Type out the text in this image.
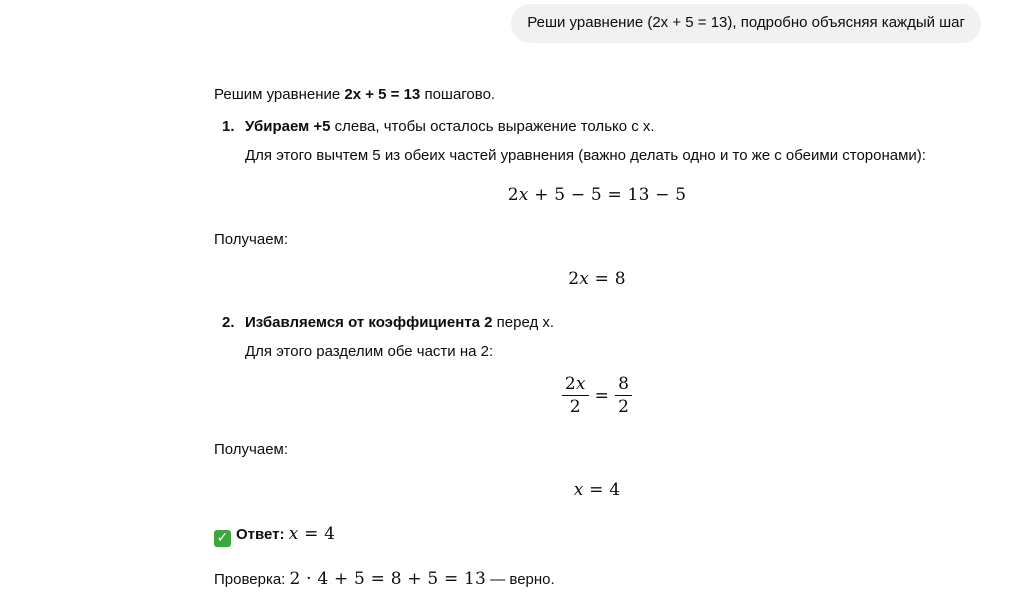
Реши уравнение (2x + 5 = 13), подробно объясняя каждый шаг
Решим уравнение 2x + 5 = 13 пошагово.
1. Убираем +5 слева, чтобы осталось выражение только с x.
Для этого вычтем 5 из обеих частей уравнения (важно делать одно и то же с обеими сторонами):
2x + 5 − 5 = 13 − 5
Получаем:
2x = 8
2. Избавляемся от коэффициента 2 перед x.
Для этого разделим обе части на 2:
$\frac{2x}{2} = \frac{8}{2}$
Получаем:
x = 4
✓ Ответ: x = 4
Проверка: 2 · 4 + 5 = 8 + 5 = 13 — верно.
